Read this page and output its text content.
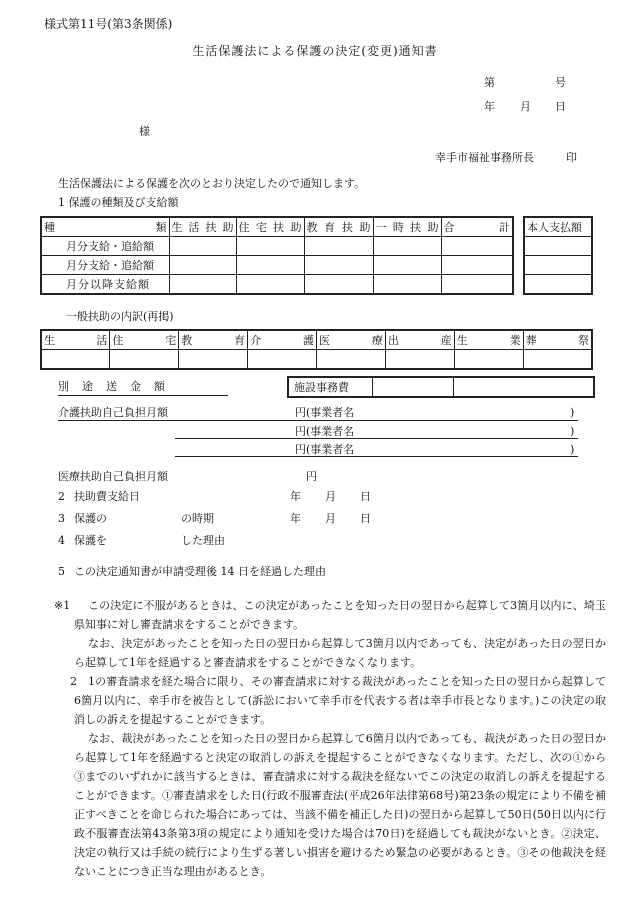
様式第11号(第3条関係)
生活保護法による保護の決定(変更)通知書
第	号
年 月 日
様
幸手市福祉事務所長	印
生活保護法による保護を次のとおり決定したので通知します。
1 保護の種類及び支給額
種　　　　類	生活扶助	住宅扶助	教育扶助	一時扶助	合　　計
月分支給・追給額					
月分支給・追給額					
月分以降支給額					
本人支払額

一般扶助の内訳(再掲)
生　　活	住　　宅	教　　育	介　　護	医　　療	出　　産	生　　業	葬　　祭

別　途　送　金　額	施設事務費
介護扶助自己負担月額	円(事業者名	)
円(事業者名	)
円(事業者名	)
医療扶助自己負担月額	円
2 扶助費支給日	年 月 日
3 保護の	の時期	年 月 日
4 保護を	した理由
5 この決定通知書が申請受理後 14 日を経過した理由
※1	この決定に不服があるときは、この決定があったことを知った日の翌日から起算して3箇月以内に、埼玉県知事に対し審査請求をすることができます。
なお、決定があったことを知った日の翌日から起算して3箇月以内であっても、決定があった日の翌日から起算して1年を経過すると審査請求をすることができなくなります。
2	1の審査請求を経た場合に限り、その審査請求に対する裁決があったことを知った日の翌日から起算して6箇月以内に、幸手市を被告として(訴訟において幸手市を代表する者は幸手市長となります。)この決定の取消しの訴えを提起することができます。
なお、裁決があったことを知った日の翌日から起算して6箇月以内であっても、裁決があった日の翌日から起算して1年を経過すると決定の取消しの訴えを提起することができなくなります。ただし、次の①から③までのいずれかに該当するときは、審査請求に対する裁決を経ないでこの決定の取消しの訴えを提起することができます。①審査請求をした日(行政不服審査法(平成26年法律第68号)第23条の規定により不備を補正すべきことを命じられた場合にあっては、当該不備を補正した日)の翌日から起算して50日(50日以内に行政不服審査法第43条第3項の規定により通知を受けた場合は70日)を経過しても裁決がないとき。②決定、決定の執行又は手続の続行により生ずる著しい損害を避けるため緊急の必要があるとき。③その他裁決を経ないことにつき正当な理由があるとき。
